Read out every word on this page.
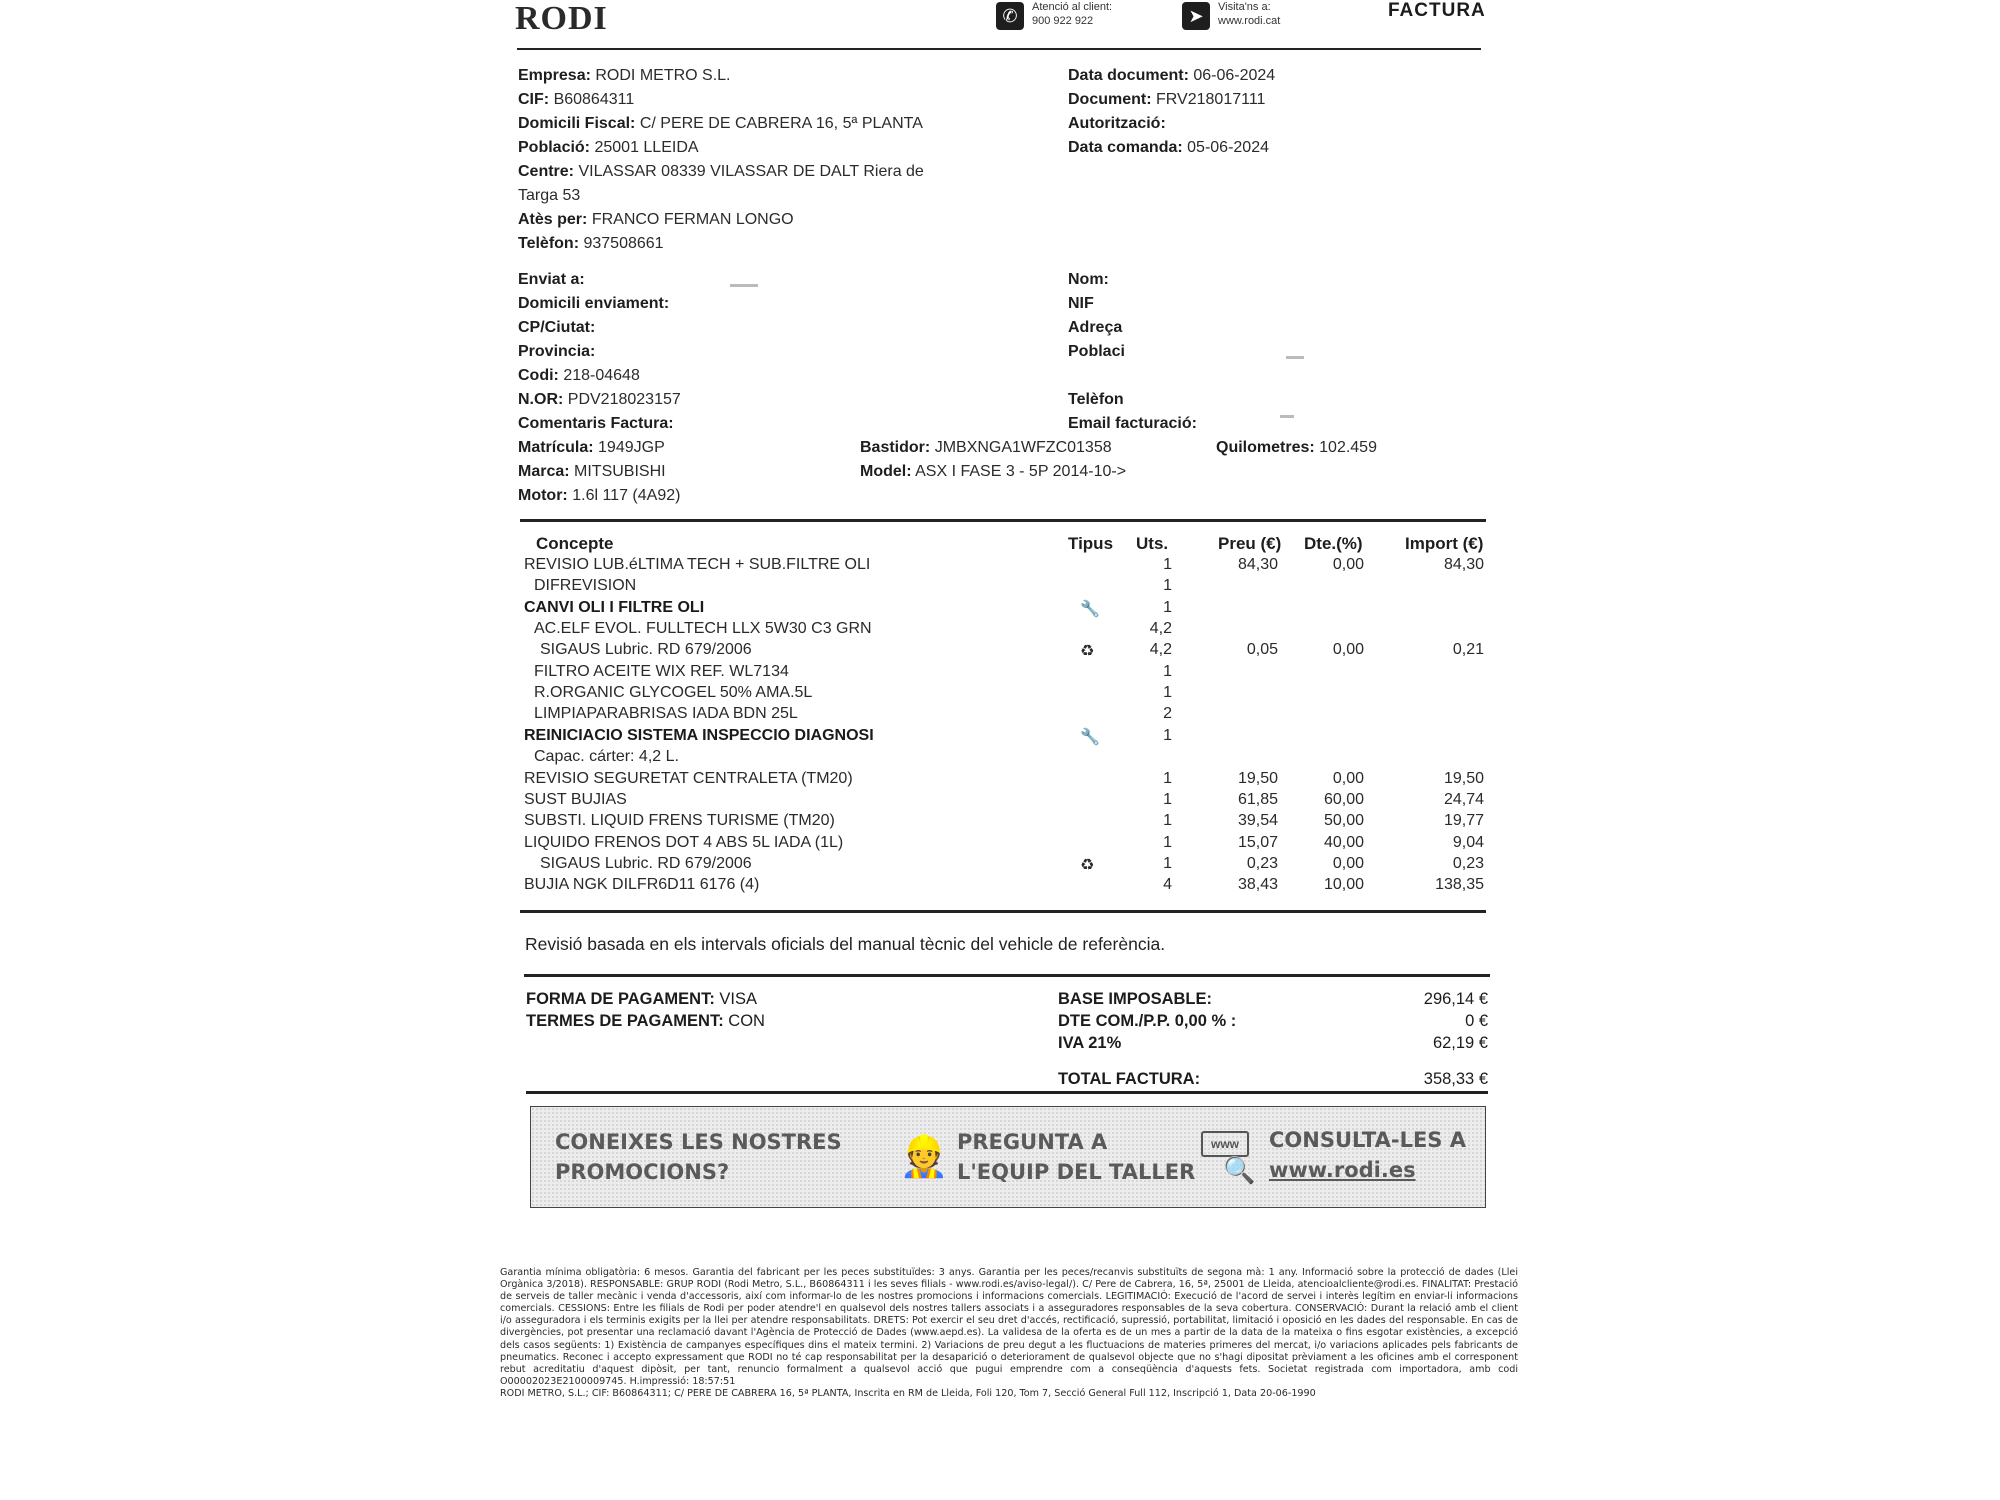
RODI	✆	Atenció al client:
900 922 922	➤	Visita'ns a:
www.rodi.cat	FACTURA
Empresa: RODI METRO S.L.
CIF: B60864311
Domicili Fiscal: C/ PERE DE CABRERA 16, 5ª PLANTA
Població: 25001 LLEIDA
Centre: VILASSAR 08339 VILASSAR DE DALT Riera de
Targa 53
Atès per: FRANCO FERMAN LONGO
Telèfon: 937508661
Data document: 06-06-2024
Document: FRV218017111
Autorització:
Data comanda: 05-06-2024
Enviat a:
Domicili enviament:
CP/Ciutat:
Provincia:
Codi: 218-04648
N.OR: PDV218023157
Comentaris Factura:
Matrícula: 1949JGP
Marca: MITSUBISHI
Motor: 1.6l 117 (4A92)
Nom:
NIF
Adreça
Poblaci

Telèfon
Email facturació:
Bastidor: JMBXNGA1WFZC01358
Model: ASX I FASE 3 - 5P 2014-10->
Quilometres: 102.459
Concepte	Tipus Uts.	Preu (€) Dte.(%) Import (€)
REVISIO LUB.éLTIMA TECH + SUB.FILTRE OLI	1	84,30	0,00	84,30
DIFREVISION	1
CANVI OLI I FILTRE OLI	🔧	1
AC.ELF EVOL. FULLTECH LLX 5W30 C3 GRN	4,2
SIGAUS Lubric. RD 679/2006	♻	4,2	0,05	0,00	0,21
FILTRO ACEITE WIX REF. WL7134	1
R.ORGANIC GLYCOGEL 50% AMA.5L	1
LIMPIAPARABRISAS IADA BDN 25L	2
REINICIACIO SISTEMA INSPECCIO DIAGNOSI	🔧	1
Capac. cárter: 4,2 L.
REVISIO SEGURETAT CENTRALETA (TM20)	1	19,50	0,00	19,50
SUST BUJIAS	1	61,85	60,00	24,74
SUBSTI. LIQUID FRENS TURISME (TM20)	1	39,54	50,00	19,77
LIQUIDO FRENOS DOT 4 ABS 5L IADA (1L)	1	15,07	40,00	9,04
SIGAUS Lubric. RD 679/2006	♻	1	0,23	0,00	0,23
BUJIA NGK DILFR6D11 6176 (4)	4	38,43	10,00	138,35
Revisió basada en els intervals oficials del manual tècnic del vehicle de referència.
FORMA DE PAGAMENT: VISA
TERMES DE PAGAMENT: CON
BASE IMPOSABLE:	296,14 €
DTE COM./P.P. 0,00 % :	0 €
IVA 21%	62,19 €
TOTAL FACTURA:	358,33 €
CONEIXES LES NOSTRES
PROMOCIONS?	👷 PREGUNTA A
L'EQUIP DEL TALLER
www
🔍
CONSULTA-LES A
www.rodi.es
Garantia mínima obligatòria: 6 mesos. Garantia del fabricant per les peces substituïdes: 3 anys. Garantia per les peces/recanvis substituïts de segona mà: 1 any. Informació sobre la protecció de dades (Llei Orgànica 3/2018). RESPONSABLE: GRUP RODI (Rodi Metro, S.L., B60864311 i les seves filials - www.rodi.es/aviso-legal/). C/ Pere de Cabrera, 16, 5ª, 25001 de Lleida, atencioalcliente@rodi.es. FINALITAT: Prestació de serveis de taller mecànic i venda d'accessoris, així com informar-lo de les nostres promocions i informacions comercials. LEGITIMACIÓ: Execució de l'acord de servei i interès legítim en enviar-li informacions comercials. CESSIONS: Entre les filials de Rodi per poder atendre'l en qualsevol dels nostres tallers associats i a asseguradores responsables de la seva cobertura. CONSERVACIÓ: Durant la relació amb el client i/o asseguradora i els terminis exigits per la llei per atendre responsabilitats. DRETS: Pot exercir el seu dret d'accés, rectificació, supressió, portabilitat, limitació i oposició en les dades del responsable. En cas de divergències, pot presentar una reclamació davant l'Agència de Protecció de Dades (www.aepd.es). La validesa de la oferta es de un mes a partir de la data de la mateixa o fins esgotar existències, a excepció dels casos següents: 1) Existència de campanyes específiques dins el mateix termini. 2) Variacions de preu degut a les fluctuacions de materies primeres del mercat, i/o variacions aplicades pels fabricants de pneumatics. Reconec i accepto expressament que RODI no té cap responsabilitat per la desaparició o deteriorament de qualsevol objecte que no s'hagi dipositat prèviament a les oficines amb el corresponent rebut acreditatiu d'aquest dipòsit, per tant, renuncio formalment a qualsevol acció que pugui emprendre com a conseqüència d'aquests fets. Societat registrada com importadora, amb codi O00002023E2100009745. H.impressió: 18:57:51
RODI METRO, S.L.; CIF: B60864311; C/ PERE DE CABRERA 16, 5ª PLANTA, Inscrita en RM de Lleida, Foli 120, Tom 7, Secció General Full 112, Inscripció 1, Data 20-06-1990
